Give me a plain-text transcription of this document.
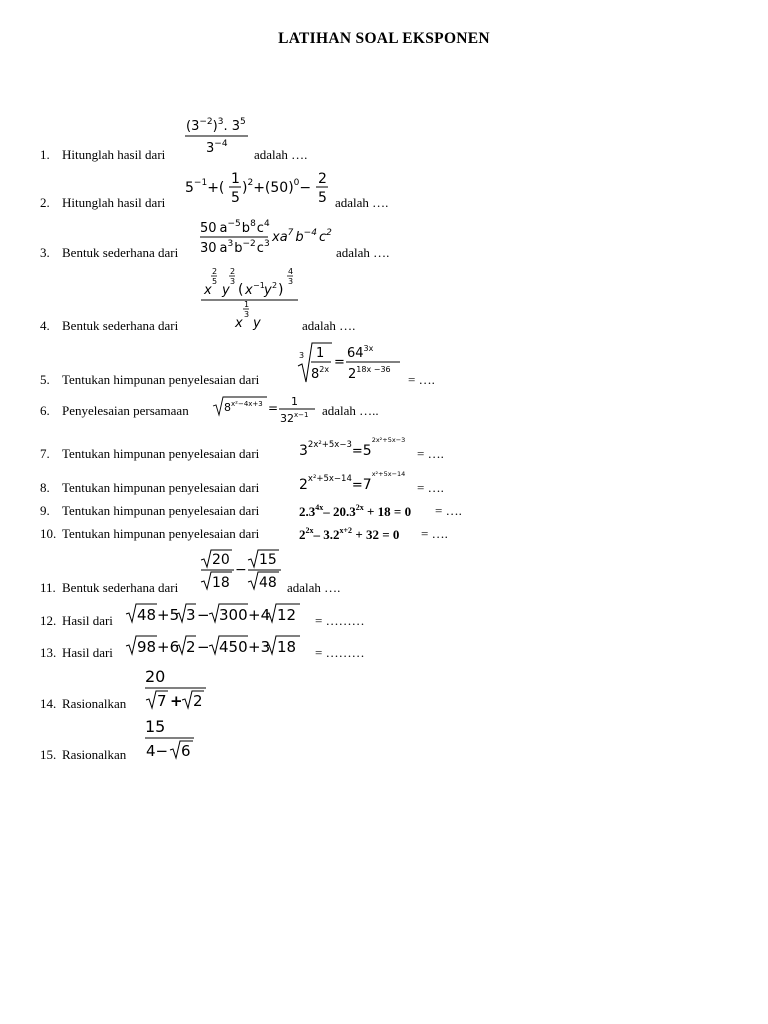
LATIHAN SOAL EKSPONEN
1. Hitunglah hasil dari
$(3^{-2})^3$. $3^5$
$3^{-4}$
adalah ….
2. Hitunglah hasil dari
$5^{-1}+$(
1
5
)$^2+(50)^0-$
2
5 adalah ….
3. Bentuk sederhana dari
50 $a^{-5}b^8c^4$
30 $a^3b^{-2}c^3$ $xa^7$ $b^{-4}$ $c^2$
adalah ….
4. Bentuk sederhana dari
x
2
5
y
2
3
( x −1 y 2 )
4
3
x
1
3
y	adalah ….
5. Tentukan himpunan penyelesaian dari
3 1
$8^{2x}$ =
$64^{3x}$
$2^{18x -36}$
= ….
6. Penyelesaian persamaan	$8^{x^2-4x+3} = 1$
$32^{x-1}$ adalah …..
7. Tentukan himpunan penyelesaian dari	$3^{2x^2+5x-3}=5^{2x^2+5x-3}$
= ….
8. Tentukan himpunan penyelesaian dari	$2^{x^2+5x-14}=7^{x^2+5x-14}$
= ….
9. Tentukan himpunan penyelesaian dari	$2.3^{4x}-$ $20.3^{2x} + 18 = 0$ = ….
10. Tentukan himpunan penyelesaian dari	$2^{2x}-$ $3.2^{x+2} + 32 = 0$ = ….
11. Bentuk sederhana dari
20
18
−
15
48 adalah ….
12. Hasil dari 48 +5 3 − 300 +4 12 = ………
13. Hasil dari 98 +6 2 − 450 +3 18 = ………
14. Rasionalkan
20
7 + 2
15. Rasionalkan
15
4− 6
